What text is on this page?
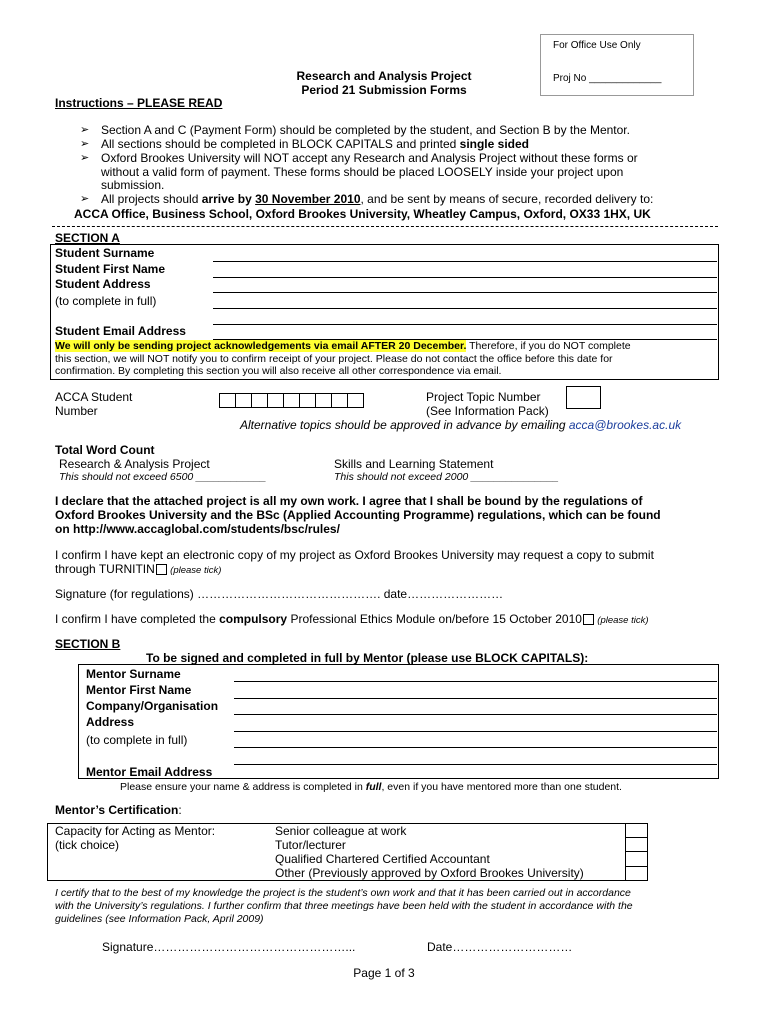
For Office Use Only
Proj No _____________
Research and Analysis Project
Period 21 Submission Forms
Instructions – PLEASE READ
➢ Section A and C (Payment Form) should be completed by the student, and Section B by the Mentor.
➢ All sections should be completed in BLOCK CAPITALS and printed single sided
➢ Oxford Brookes University will NOT accept any Research and Analysis Project without these forms or
without a valid form of payment. These forms should be placed LOOSELY inside your project upon
submission.
➢ All projects should arrive by 30 November 2010, and be sent by means of secure, recorded delivery to:
ACCA Office, Business School, Oxford Brookes University, Wheatley Campus, Oxford, OX33 1HX, UK
SECTION A
Student Surname
Student First Name
Student Address
(to complete in full)
Student Email Address
We will only be sending project acknowledgements via email AFTER 20 December. Therefore, if you do NOT complete
this section, we will NOT notify you to confirm receipt of your project. Please do not contact the office before this date for
confirmation. By completing this section you will also receive all other correspondence via email.
ACCA Student
Number
Project Topic Number
(See Information Pack)
Alternative topics should be approved in advance by emailing acca@brookes.ac.uk
Total Word Count
Research & Analysis Project
This should not exceed 6500 ____________
Skills and Learning Statement
This should not exceed 2000 _______________
I declare that the attached project is all my own work. I agree that I shall be bound by the regulations of
Oxford Brookes University and the BSc (Applied Accounting Programme) regulations, which can be found
on http://www.accaglobal.com/students/bsc/rules/
I confirm I have kept an electronic copy of my project as Oxford Brookes University may request a copy to submit
through TURNITIN (please tick)
Signature (for regulations) ………………………………………. date……………………
I confirm I have completed the compulsory Professional Ethics Module on/before 15 October 2010 (please tick)
SECTION B
To be signed and completed in full by Mentor (please use BLOCK CAPITALS):
Mentor Surname
Mentor First Name
Company/Organisation
Address
(to complete in full)
Mentor Email Address
Please ensure your name & address is completed in full, even if you have mentored more than one student.
Mentor’s Certification:
Capacity for Acting as Mentor:
(tick choice)
Senior colleague at work
Tutor/lecturer
Qualified Chartered Certified Accountant
Other (Previously approved by Oxford Brookes University)
I certify that to the best of my knowledge the project is the student’s own work and that it has been carried out in accordance
with the University’s regulations. I further confirm that three meetings have been held with the student in accordance with the
guidelines (see Information Pack, April 2009)
Signature…………………………………………...	Date…………………………
Page 1 of 3
